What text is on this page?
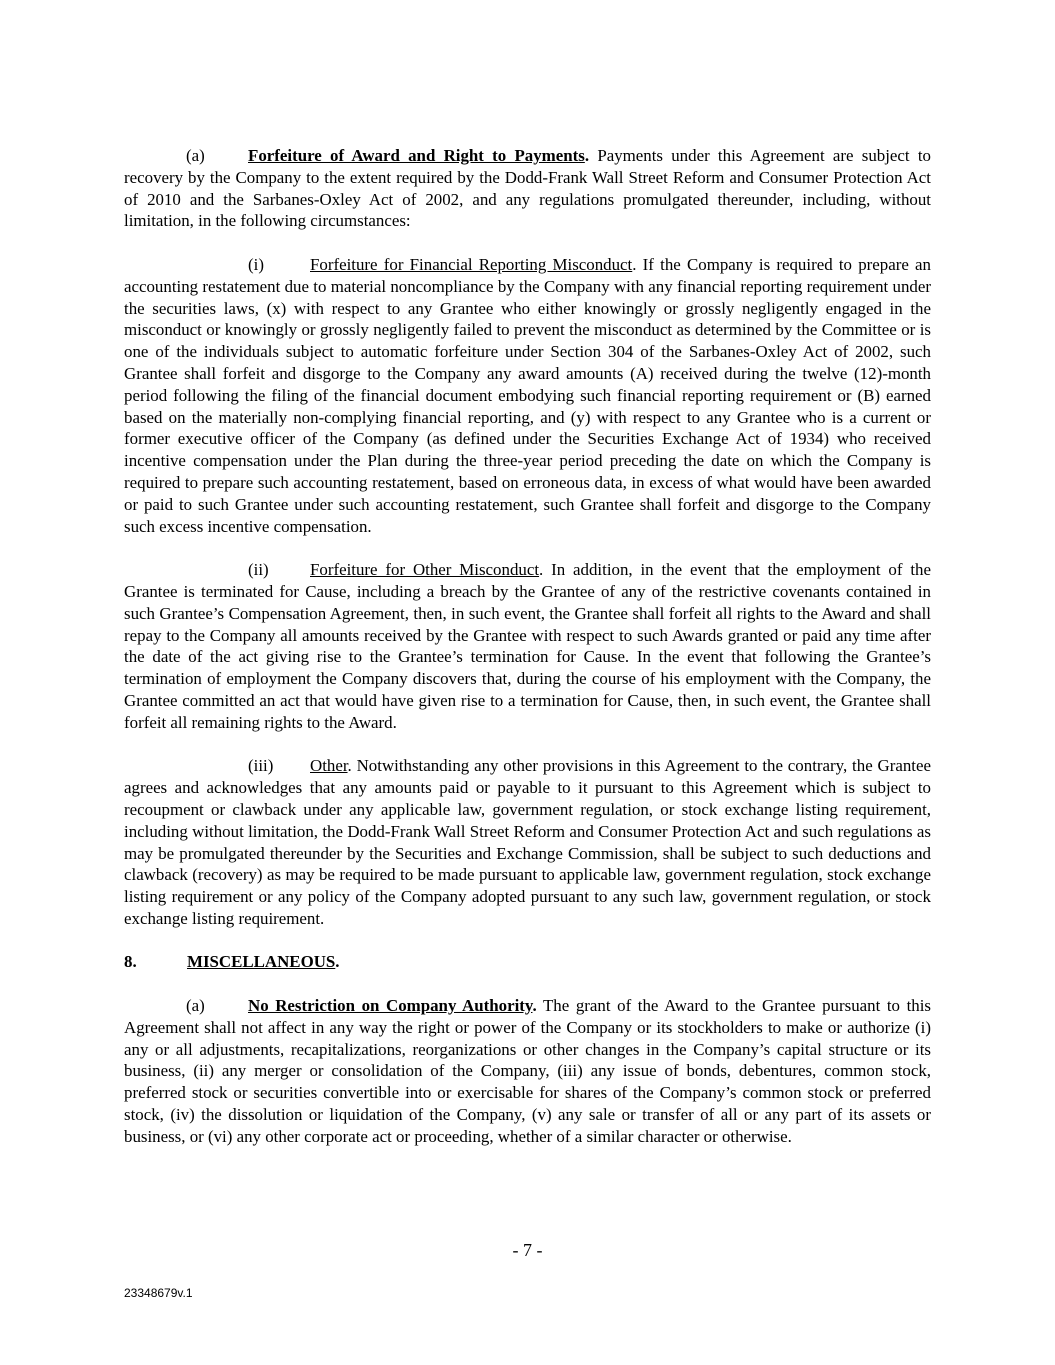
(a)	Forfeiture of Award and Right to Payments. Payments under this Agreement are subject to recovery by the Company to the extent required by the Dodd-Frank Wall Street Reform and Consumer Protection Act of 2010 and the Sarbanes-Oxley Act of 2002, and any regulations promulgated thereunder, including, without limitation, in the following circumstances:

(i)	Forfeiture for Financial Reporting Misconduct. If the Company is required to prepare an accounting restatement due to material noncompliance by the Company with any financial reporting requirement under the securities laws, (x) with respect to any Grantee who either knowingly or grossly negligently engaged in the misconduct or knowingly or grossly negligently failed to prevent the misconduct as determined by the Committee or is one of the individuals subject to automatic forfeiture under Section 304 of the Sarbanes-Oxley Act of 2002, such Grantee shall forfeit and disgorge to the Company any award amounts (A) received during the twelve (12)-month period following the filing of the financial document embodying such financial reporting requirement or (B) earned based on the materially non-complying financial reporting, and (y) with respect to any Grantee who is a current or former executive officer of the Company (as defined under the Securities Exchange Act of 1934) who received incentive compensation under the Plan during the three-year period preceding the date on which the Company is required to prepare such accounting restatement, based on erroneous data, in excess of what would have been awarded or paid to such Grantee under such accounting restatement, such Grantee shall forfeit and disgorge to the Company such excess incentive compensation.

(ii) Forfeiture for Other Misconduct. In addition, in the event that the employment of the Grantee is terminated for Cause, including a breach by the Grantee of any of the restrictive covenants contained in such Grantee’s Compensation Agreement, then, in such event, the Grantee shall forfeit all rights to the Award and shall repay to the Company all amounts received by the Grantee with respect to such Awards granted or paid any time after the date of the act giving rise to the Grantee’s termination for Cause. In the event that following the Grantee’s termination of employment the Company discovers that, during the course of his employment with the Company, the Grantee committed an act that would have given rise to a termination for Cause, then, in such event, the Grantee shall forfeit all remaining rights to the Award.

(iii) Other. Notwithstanding any other provisions in this Agreement to the contrary, the Grantee agrees and acknowledges that any amounts paid or payable to it pursuant to this Agreement which is subject to recoupment or clawback under any applicable law, government regulation, or stock exchange listing requirement, including without limitation, the Dodd-Frank Wall Street Reform and Consumer Protection Act and such regulations as may be promulgated thereunder by the Securities and Exchange Commission, shall be subject to such deductions and clawback (recovery) as may be required to be made pursuant to applicable law, government regulation, stock exchange listing requirement or any policy of the Company adopted pursuant to any such law, government regulation, or stock exchange listing requirement.

8.	MISCELLANEOUS.

(a)	No Restriction on Company Authority. The grant of the Award to the Grantee pursuant to this Agreement shall not affect in any way the right or power of the Company or its stockholders to make or authorize (i) any or all adjustments, recapitalizations, reorganizations or other changes in the Company’s capital structure or its business, (ii) any merger or consolidation of the Company, (iii) any issue of bonds, debentures, common stock, preferred stock or securities convertible into or exercisable for shares of the Company’s common stock or preferred stock, (iv) the dissolution or liquidation of the Company, (v) any sale or transfer of all or any part of its assets or business, or (vi) any other corporate act or proceeding, whether of a similar character or otherwise.

- 7 -
23348679v.1
